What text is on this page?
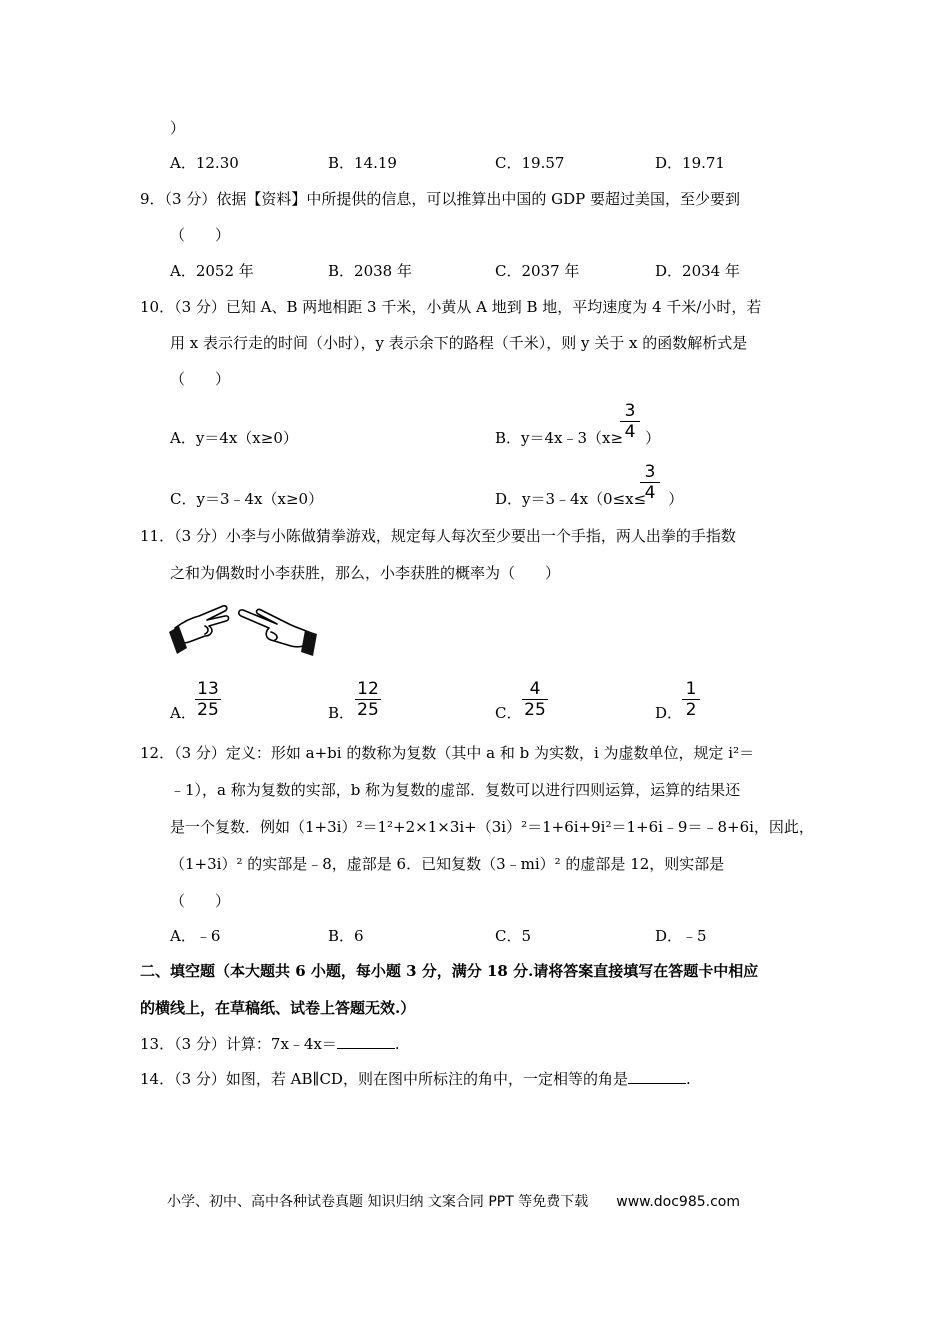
）
A．12.30	B．14.19	C．19.57	D．19.71
9．（3 分）依据【资料】中所提供的信息，可以推算出中国的 GDP 要超过美国，至少要到
（　　）
A．2052 年	B．2038 年	C．2037 年	D．2034 年
10．（3 分）已知 A、B 两地相距 3 千米，小黄从 A 地到 B 地，平均速度为 4 千米/小时，若
用 x 表示行走的时间（小时），y 表示余下的路程（千米），则 y 关于 x 的函数解析式是
（　　）
A．y＝4x（x≥0）	B．y＝4x﹣3（x≥ ）
3
4
C．y＝3﹣4x（x≥0）	D．y＝3﹣4x（0≤x≤ ）
3
4
11．（3 分）小李与小陈做猜拳游戏，规定每人每次至少要出一个手指，两人出拳的手指数
之和为偶数时小李获胜，那么，小李获胜的概率为（　　）
A．
13
25	B．
12
25	C．
4
25	D．
1
2
12．（3 分）定义：形如 a+bi 的数称为复数（其中 a 和 b 为实数，i 为虚数单位，规定 i²＝
﹣1），a 称为复数的实部，b 称为复数的虚部．复数可以进行四则运算，运算的结果还
是一个复数．例如（1+3i）²＝1²+2×1×3i+（3i）²＝1+6i+9i²＝1+6i﹣9＝﹣8+6i，因此，
（1+3i）² 的实部是﹣8，虚部是 6．已知复数（3﹣mi）² 的虚部是 12，则实部是
（　　）
A．﹣6	B．6	C．5	D．﹣5
二、填空题（本大题共 6 小题，每小题 3 分，满分 18 分.请将答案直接填写在答题卡中相应
的横线上，在草稿纸、试卷上答题无效.）
13．（3 分）计算：7x﹣4x＝	.
14．（3 分）如图，若 AB∥CD，则在图中所标注的角中，一定相等的角是	.
小学、初中、高中各种试卷真题 知识归纳 文案合同 PPT 等免费下载 www.doc985.com
